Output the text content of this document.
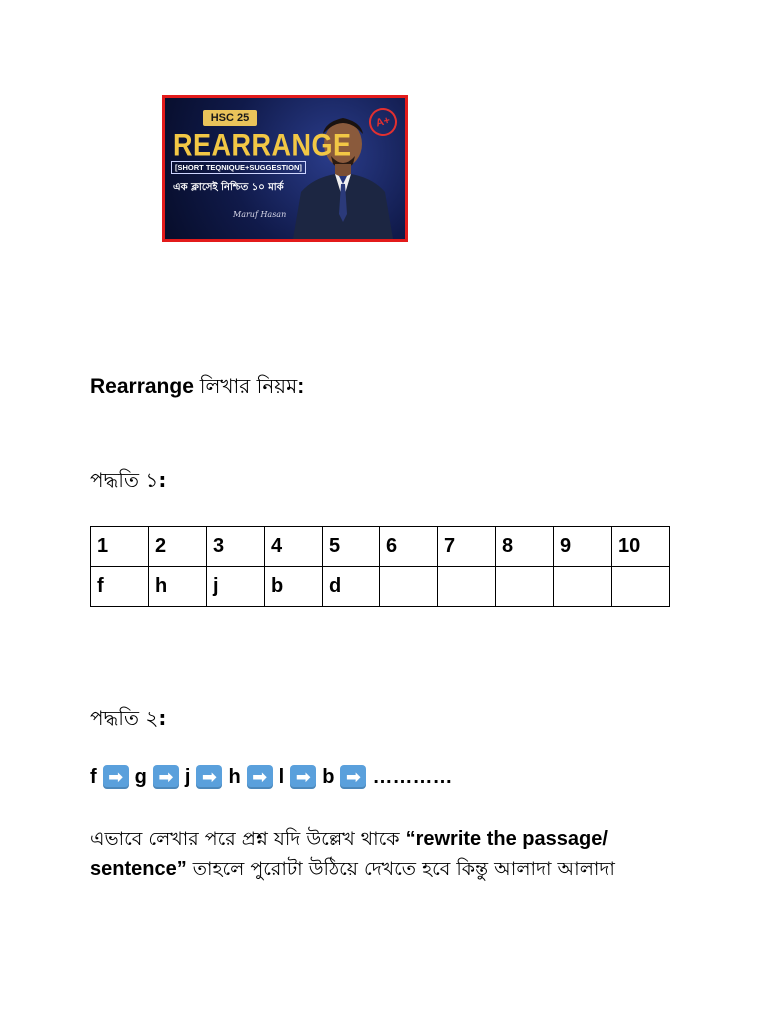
HSC 25
REARRANGE
[SHORT TEQNIQUE+SUGGESTION]
এক ক্লাসেই নিশ্চিত ১০ মার্ক
Maruf Hasan
A+
Rearrange লিখার নিয়ম:
পদ্ধতি ১:
1	2	3	4	5	6	7	8	9	10
f	h	j	b	d					
পদ্ধতি ২:
f ➡ g ➡ j ➡ h ➡ l ➡ b ➡ …………
এভাবে লেখার পরে প্রশ্ন যদি উল্লেখ থাকে “rewrite the passage/ sentence” তাহলে পুরোটা উঠিয়ে দেখতে হবে কিন্তু আলাদা আলাদা
